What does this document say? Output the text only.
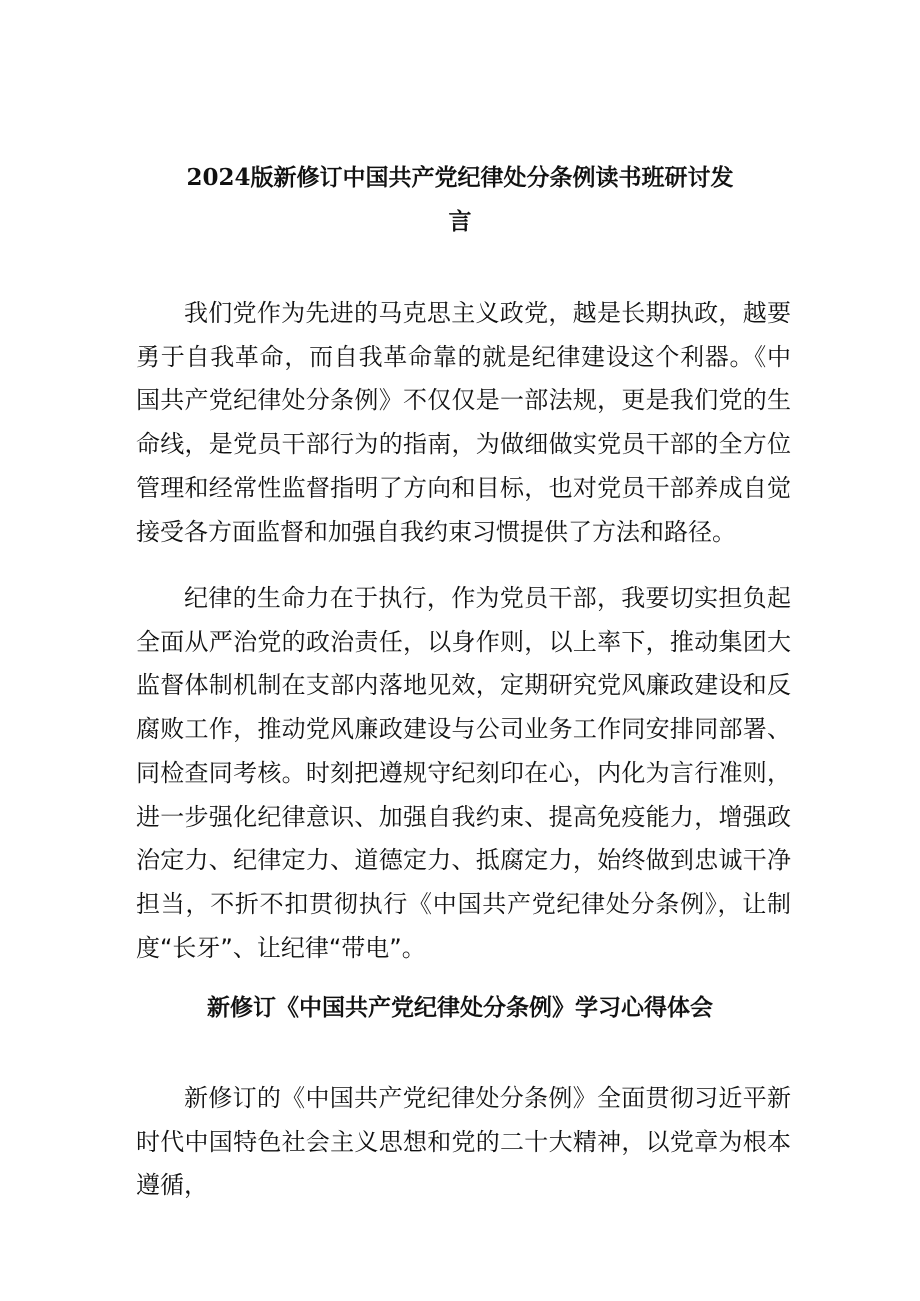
2024版新修订中国共产党纪律处分条例读书班研讨发
言

我们党作为先进的马克思主义政党，越是长期执政，越要勇于自我革命，而自我革命靠的就是纪律建设这个利器。《中国共产党纪律处分条例》不仅仅是一部法规，更是我们党的生命线，是党员干部行为的指南，为做细做实党员干部的全方位管理和经常性监督指明了方向和目标，也对党员干部养成自觉接受各方面监督和加强自我约束习惯提供了方法和路径。

纪律的生命力在于执行，作为党员干部，我要切实担负起全面从严治党的政治责任，以身作则，以上率下，推动集团大监督体制机制在支部内落地见效，定期研究党风廉政建设和反腐败工作，推动党风廉政建设与公司业务工作同安排同部署、同检查同考核。时刻把遵规守纪刻印在心，内化为言行准则，进一步强化纪律意识、加强自我约束、提高免疫能力，增强政治定力、纪律定力、道德定力、抵腐定力，始终做到忠诚干净担当，不折不扣贯彻执行《中国共产党纪律处分条例》，让制度“长牙”、让纪律“带电”。

新修订《中国共产党纪律处分条例》学习心得体会

新修订的《中国共产党纪律处分条例》全面贯彻习近平新时代中国特色社会主义思想和党的二十大精神，以党章为根本遵循，
